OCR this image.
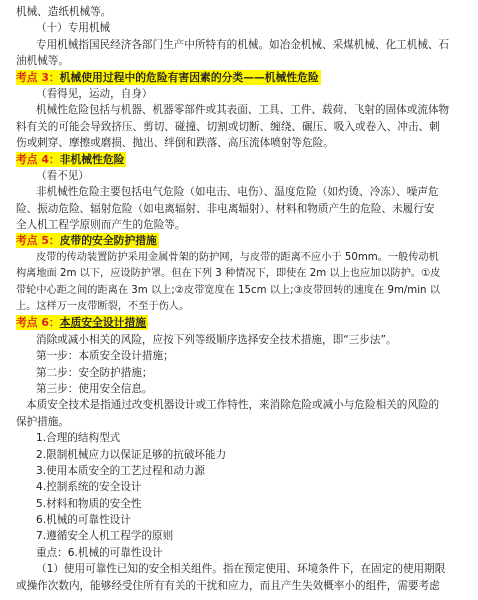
机械、造纸机械等。
（十）专用机械
专用机械指国民经济各部门生产中所特有的机械。如冶金机械、采煤机械、化工机械、石
油机械等。
考点 3：机械使用过程中的危险有害因素的分类——机械性危险
（看得见，运动，自身）
机械性危险包括与机器、机器零部件或其表面、工具、工件、载荷、飞射的固体或流体物
料有关的可能会导致挤压、剪切、碰撞、切割或切断、缠绕、碾压、吸入或卷入、冲击、刺
伤或刺穿、摩擦或磨损、抛出、绊倒和跌落、高压流体喷射等危险。
考点 4：非机械性危险
（看不见）
非机械性危险主要包括电气危险（如电击、电伤）、温度危险（如灼烫、冷冻）、噪声危
险、振动危险、辐射危险（如电离辐射、非电离辐射）、材料和物质产生的危险、未履行安
全人机工程学原则而产生的危险等。
考点 5：皮带的安全防护措施
皮带的传动装置防护采用金属骨架的防护网，与皮带的距离不应小于 50mm。一般传动机
构离地面 2m 以下，应设防护罩。但在下列 3 种情况下，即使在 2m 以上也应加以防护。①皮
带轮中心距之间的距离在 3m 以上;②皮带宽度在 15cm 以上;③皮带回转的速度在 9m/min 以
上。这样万一皮带断裂，不至于伤人。
考点 6：本质安全设计措施
消除或减小相关的风险，应按下列等级顺序选择安全技术措施，即“三步法”。
第一步：本质安全设计措施；
第二步：安全防护措施；
第三步：使用安全信息。
本质安全技术是指通过改变机器设计或工作特性，来消除危险或减小与危险相关的风险的
保护措施。
1.合理的结构型式
2.限制机械应力以保证足够的抗破坏能力
3.使用本质安全的工艺过程和动力源
4.控制系统的安全设计
5.材料和物质的安全性
6.机械的可靠性设计
7.遵循安全人机工程学的原则
重点：6.机械的可靠性设计
（1）使用可靠性已知的安全相关组件。指在预定使用、环境条件下，在固定的使用期限
或操作次数内，能够经受住所有有关的干扰和应力，而且产生失效概率小的组件，需要考虑
